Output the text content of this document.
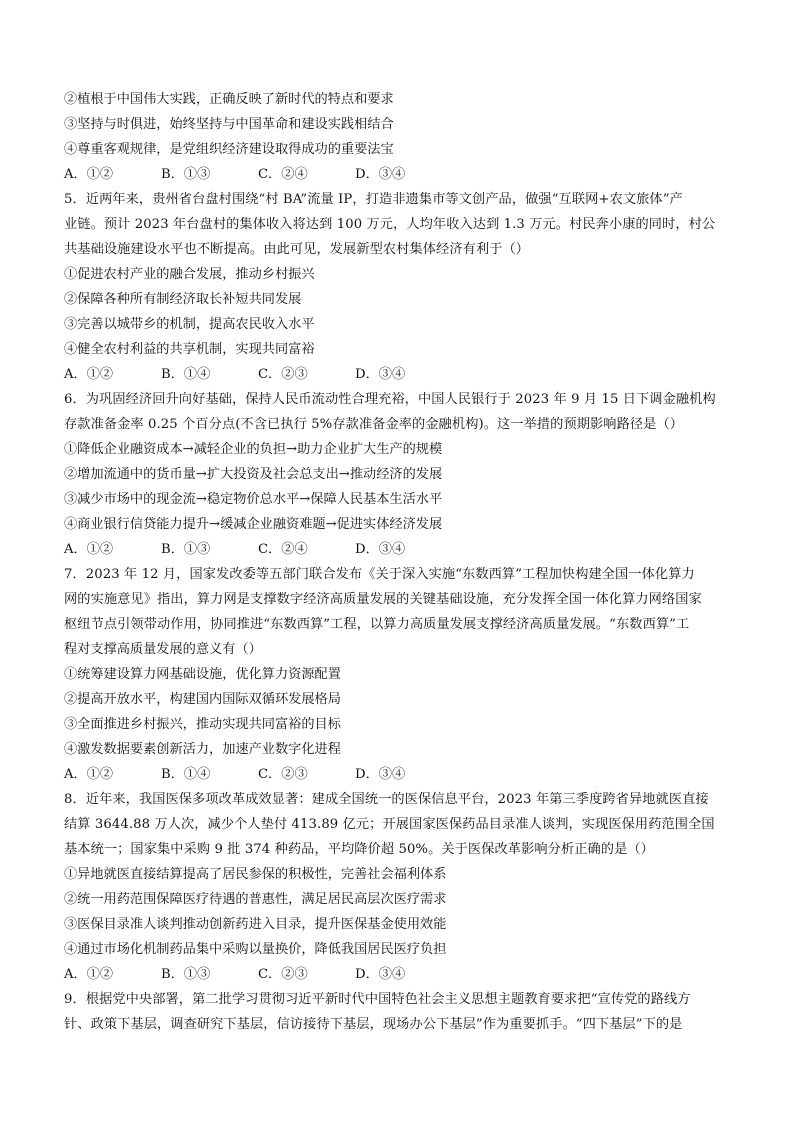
②植根于中国伟大实践，正确反映了新时代的特点和要求
③坚持与时俱进，始终坚持与中国革命和建设实践相结合
④尊重客观规律，是党组织经济建设取得成功的重要法宝
A．①②	B．①③	C．②④	D．③④
5．近两年来，贵州省台盘村围绕“村 BA”流量 IP，打造非遗集市等文创产品，做强“互联网+农文旅体”产
业链。预计 2023 年台盘村的集体收入将达到 100 万元，人均年收入达到 1.3 万元。村民奔小康的同时，村公
共基础设施建设水平也不断提高。由此可见，发展新型农村集体经济有利于（）
①促进农村产业的融合发展，推动乡村振兴
②保障各种所有制经济取长补短共同发展
③完善以城带乡的机制，提高农民收入水平
④健全农村利益的共享机制，实现共同富裕
A．①②	B．①④	C．②③	D．③④
6．为巩固经济回升向好基础，保持人民币流动性合理充裕，中国人民银行于 2023 年 9 月 15 日下调金融机构
存款准备金率 0.25 个百分点(不含已执行 5%存款准备金率的金融机构)。这一举措的预期影响路径是（）
①降低企业融资成本→减轻企业的负担→助力企业扩大生产的规模
②增加流通中的货币量→扩大投资及社会总支出→推动经济的发展
③减少市场中的现金流→稳定物价总水平→保障人民基本生活水平
④商业银行信贷能力提升→缓减企业融资难题→促进实体经济发展
A．①②	B．①③	C．②④	D．③④
7．2023 年 12 月，国家发改委等五部门联合发布《关于深入实施“东数西算”工程加快构建全国一体化算力
网的实施意见》指出，算力网是支撑数字经济高质量发展的关键基础设施，充分发挥全国一体化算力网络国家
枢纽节点引领带动作用，协同推进“东数西算”工程，以算力高质量发展支撑经济高质量发展。“东数西算”工
程对支撑高质量发展的意义有（）
①统筹建设算力网基础设施，优化算力资源配置
②提高开放水平，构建国内国际双循环发展格局
③全面推进乡村振兴，推动实现共同富裕的目标
④激发数据要素创新活力，加速产业数字化进程
A．①②	B．①④	C．②③	D．③④
8．近年来，我国医保多项改革成效显著：建成全国统一的医保信息平台，2023 年第三季度跨省异地就医直接
结算 3644.88 万人次，减少个人垫付 413.89 亿元；开展国家医保药品目录准人谈判，实现医保用药范围全国
基本统一；国家集中采购 9 批 374 种药品，平均降价超 50%。关于医保改革影响分析正确的是（）
①异地就医直接结算提高了居民参保的积极性，完善社会福利体系
②统一用药范围保障医疗待遇的普惠性，满足居民高层次医疗需求
③医保目录准人谈判推动创新药进入目录，提升医保基金使用效能
④通过市场化机制药品集中采购以量换价，降低我国居民医疗负担
A．①②	B．①③	C．②③	D．③④
9．根据党中央部署，第二批学习贯彻习近平新时代中国特色社会主义思想主题教育要求把“宣传党的路线方
针、政策下基层，调查研究下基层，信访接待下基层，现场办公下基层”作为重要抓手。“四下基层”下的是
